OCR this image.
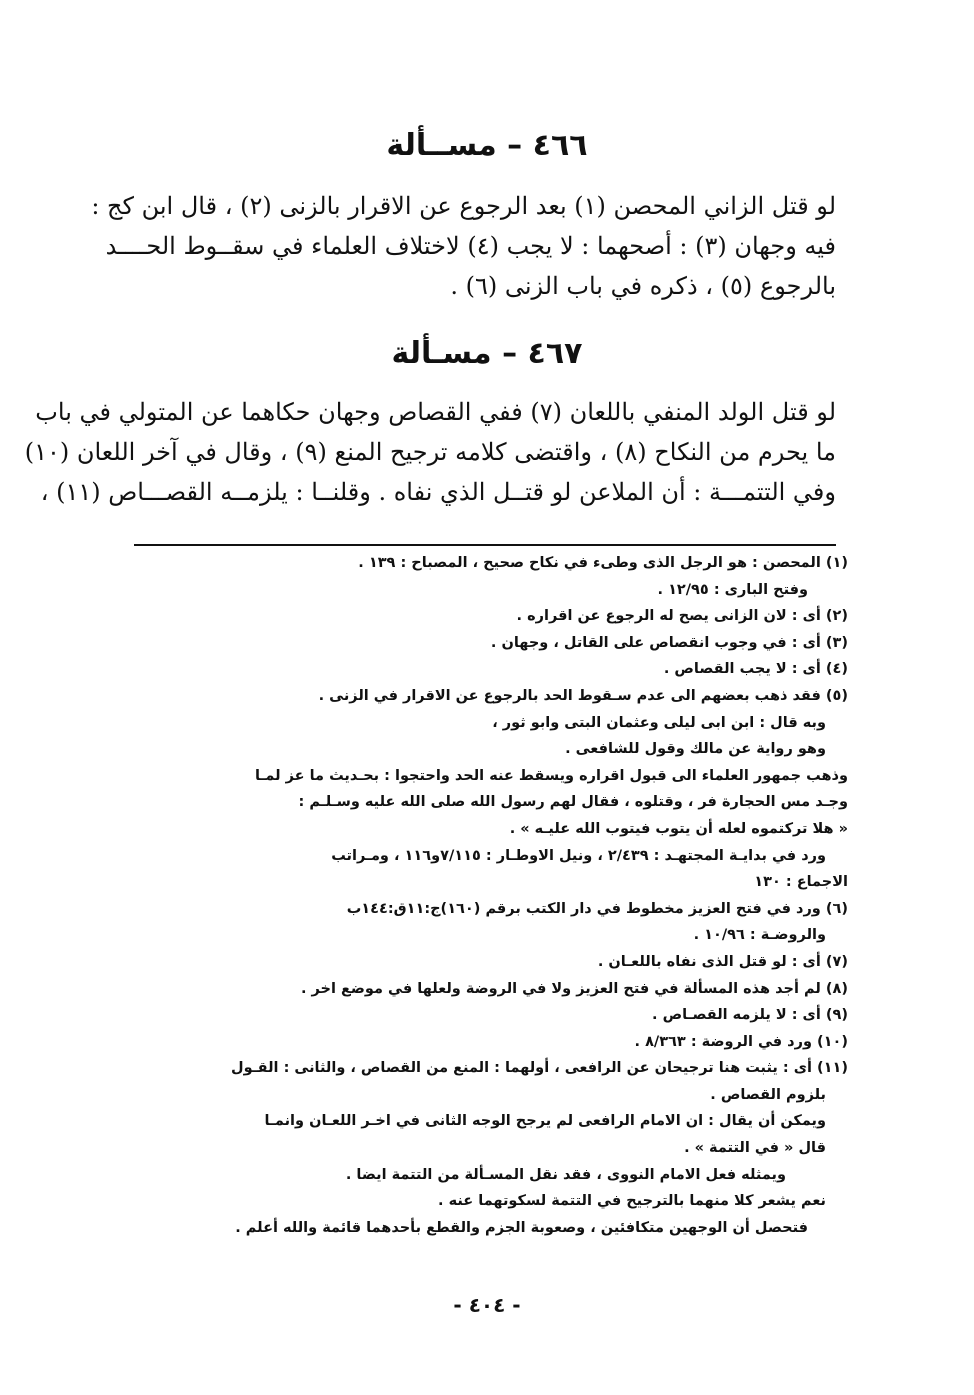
٤٦٦ – مســألة
لو قتل الزاني المحصن (١) بعد الرجوع عن الاقرار بالزنى (٢) ، قال ابن كج :
فيه وجهان (٣) : أصحهما : لا يجب (٤) لاختلاف العلماء في سقــوط الحــــد
بالرجوع (٥) ، ذكره في باب الزنى (٦) .
٤٦٧ – مسـألة
لو قتل الولد المنفي باللعان (٧) ففي القصاص وجهان حكاهما عن المتولي في باب
ما يحرم من النكاح (٨) ، واقتضى كلامه ترجيح المنع (٩) ، وقال في آخر اللعان (١٠)
وفي التتمـــة : أن الملاعن لو قتــل الذي نفاه . وقلنــا : يلزمــه القصـــاص (١١) ،
(١) المحصن : هو الرجل الذى وطىء في نكاح صحيح ، المصباح : ١٣٩ .
وفتح البارى : ١٢/٩٥ .
(٢) أى : لان الزانى يصح له الرجوع عن اقراره .
(٣) أى : في وجوب انقصاص على القاتل ، وجهان .
(٤) أى : لا يجب القصاص .
(٥) فقد ذهب بعضهم الى عدم سـقوط الحد بالرجوع عن الاقرار في الزنى .
وبه قال : ابن ابى ليلى وعثمان البتى وابو ثور ،
وهو رواية عن مالك وقول للشافعى .
وذهب جمهور العلماء الى قبول اقراره ويسقط عنه الحد واحتجوا : بحـديث ما عز لمـا
وجـد مس الحجارة فر ، وقتلوه ، فقال لهم رسول الله صلى الله عليه وسـلـم :
« هلا تركتموه لعله أن يتوب فيتوب الله عليـه » .
ورد في بدايـة المجتهـد : ٢/٤٣٩ ، ونيل الاوطـار : ٧/١١٥و١١٦ ، ومـراتب
الاجماع : ١٣٠
(٦) ورد في فتح العزيز مخطوط في دار الكتب برقم (١٦٠)ج:١١ق:١٤٤ب
والروضـة : ١٠/٩٦ .
(٧) أى : لو قتل الذى نفاه باللعـان .
(٨) لم أجد هذه المسألة في فتح العزيز ولا في الروضة ولعلها في موضع اخر .
(٩) أى : لا يلزمه القصـاص .
(١٠) ورد في الروضة : ٨/٣٦٣ .
(١١) أى : يثبت هنا ترجيحان عن الرافعى ، أولهما : المنع من القصاص ، والثانى : القـول
بلزوم القصاص .
ويمكن أن يقال : ان الامام الرافعى لم يرجح الوجه الثانى في اخـر اللعـان وانمـا
قال « في التتمة » .
ويمثله فعل الامام النووى ، فقد نقل المسـألة من التتمة ايضا .
نعم يشعر كلا منهما بالترجيح في التتمة لسكوتهما عنه .
فتحصل أن الوجهين متكافئين ، وصعوبة الجزم والقطع بأحدهما قائمة والله أعلم .
- ٤٠٤ -
